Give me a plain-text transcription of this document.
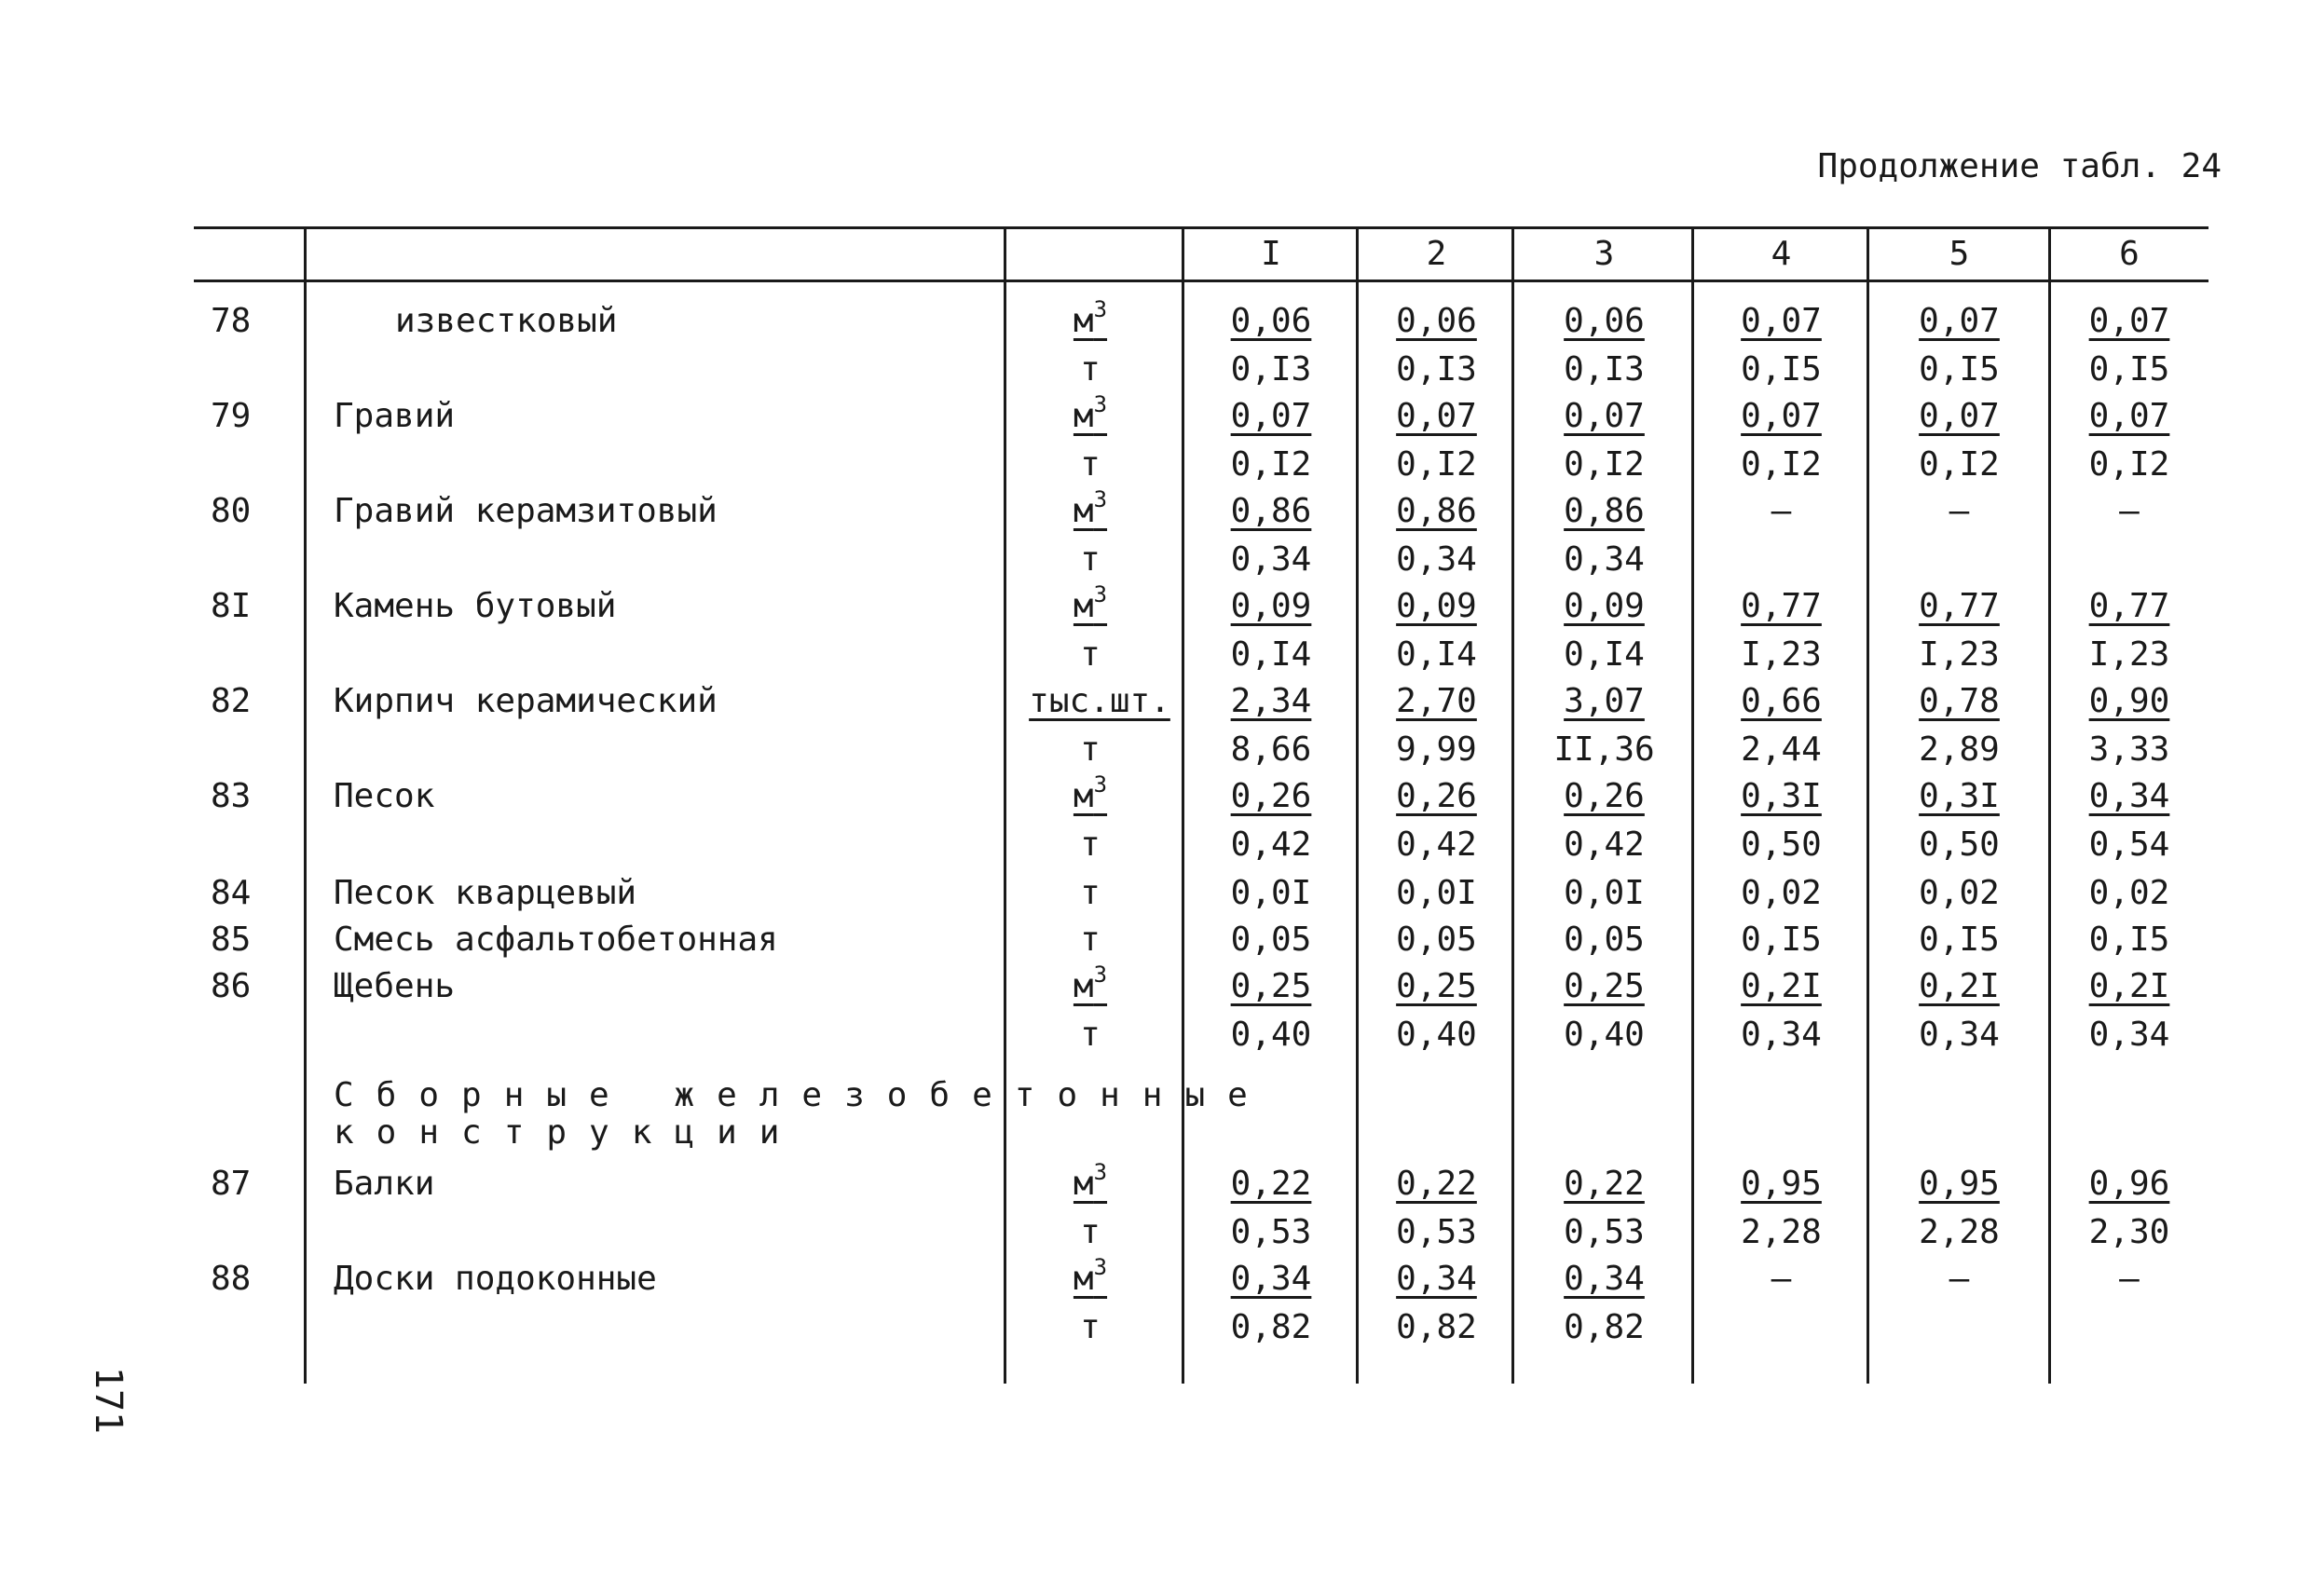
Продолжение табл. 24
171
I	2	3	4	5	6
78	известковый	$м^3$	0,06	0,06	0,06	0,07	0,07	0,07
т	0,I3	0,I3	0,I3	0,I5	0,I5	0,I5
79 Гравий	$м^3$	0,07	0,07	0,07	0,07	0,07	0,07
т	0,I2	0,I2	0,I2	0,I2	0,I2	0,I2
80 Гравий керамзитовый	$м^3$	0,86	0,86	0,86	–	–	–
т	0,34	0,34	0,34
8I Камень бутовый	$м^3$	0,09	0,09	0,09	0,77	0,77	0,77
т	0,I4	0,I4	0,I4	I,23	I,23	I,23
82 Кирпич керамический	тыс.шт.	2,34	2,70	3,07	0,66	0,78	0,90
т	8,66	9,99	II,36	2,44	2,89	3,33
83 Песок	$м^3$	0,26	0,26	0,26	0,3I	0,3I	0,34
т	0,42	0,42	0,42	0,50	0,50	0,54
84 Песок кварцевый	т	0,0I	0,0I	0,0I	0,02	0,02	0,02
85 Смесь асфальтобетонная	т	0,05	0,05	0,05	0,I5	0,I5	0,I5
86 Щебень	$м^3$	0,25	0,25	0,25	0,2I	0,2I	0,2I
т	0,40	0,40	0,40	0,34	0,34	0,34
87 Балки	$м^3$	0,22	0,22	0,22	0,95	0,95	0,96
т	0,53	0,53	0,53	2,28	2,28	2,30
88 Доски подоконные	$м^3$	0,34	0,34	0,34	–	–	–
т	0,82	0,82	0,82
Сборные железобетонные
конструкции
